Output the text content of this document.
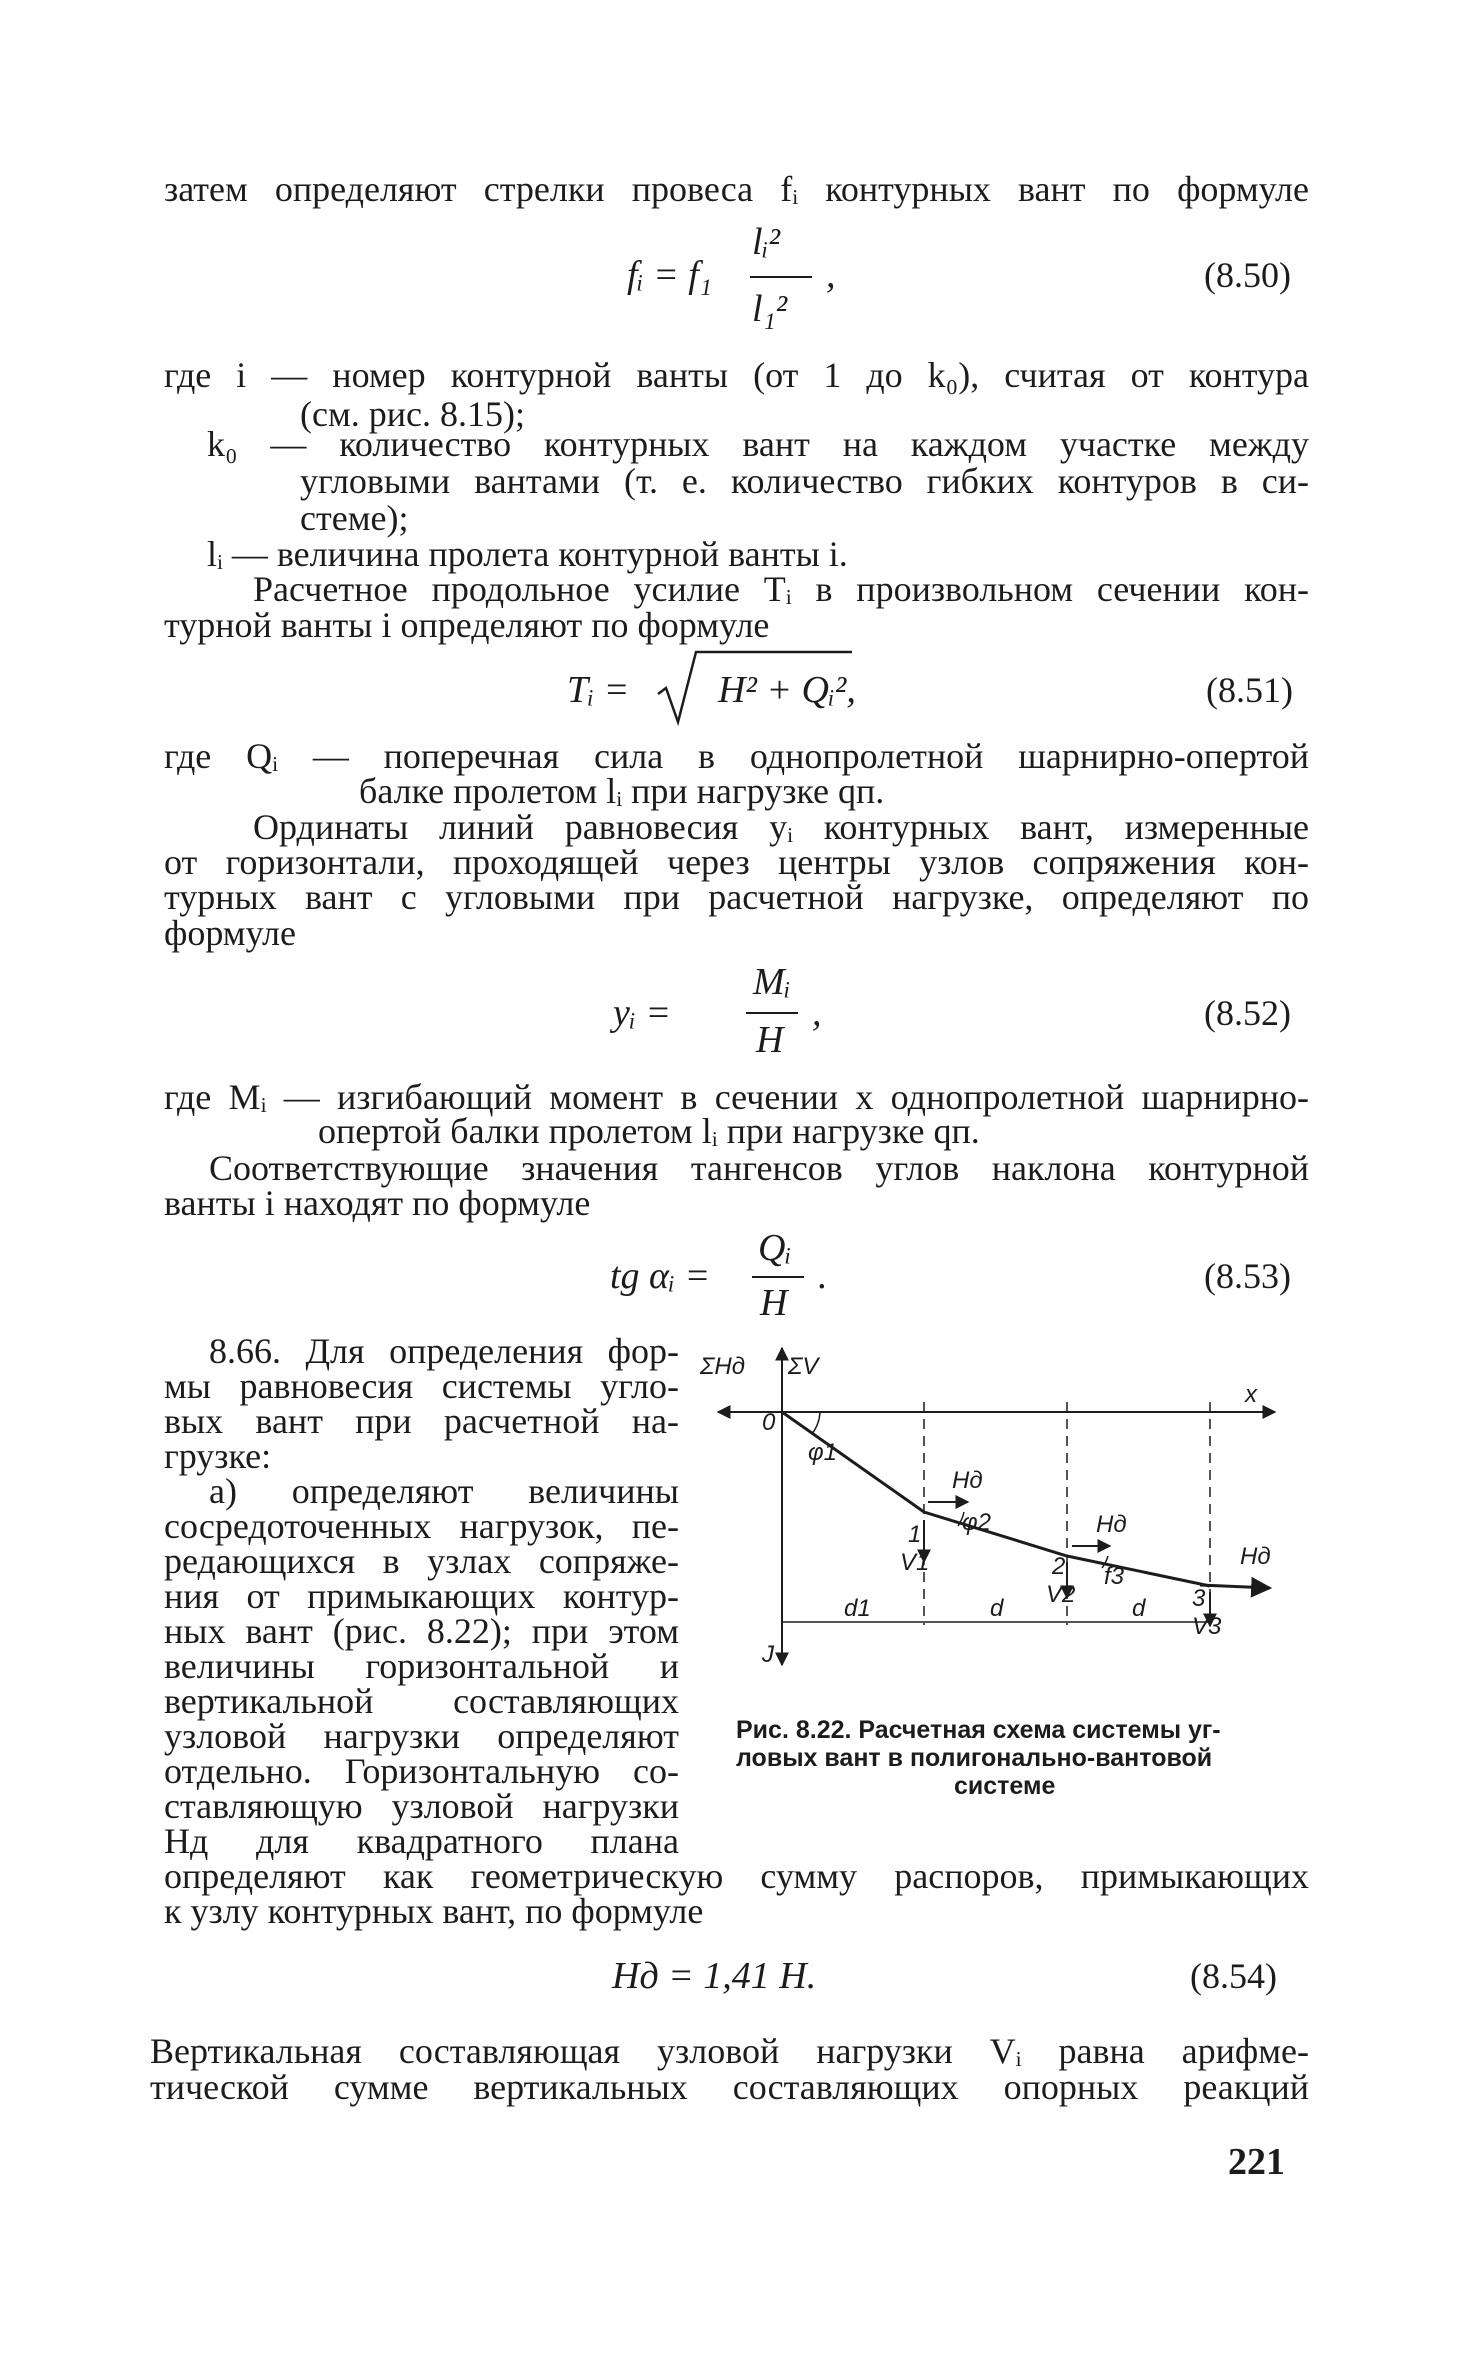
затем определяют стрелки провеса fᵢ контурных вант по формуле

fᵢ = f₁
lᵢ²
l₁²
,	(8.50)

где i — номер контурной ванты (от 1 до k₀), считая от контура

(см. рис. 8.15);

k₀ — количество контурных вант на каждом участке между

угловыми вантами (т. е. количество гибких контуров в си-

стеме);

lᵢ — величина пролета контурной ванты i.

Расчетное продольное усилие Tᵢ в произвольном сечении кон-

турной ванты i определяют по формуле

Tᵢ = H² + Qᵢ²,	(8.51)

где Qᵢ — поперечная сила в однопролетной шарнирно-опертой

балке пролетом lᵢ при нагрузке qп.

Ординаты линий равновесия yᵢ контурных вант, измеренные

от горизонтали, проходящей через центры узлов сопряжения кон-

турных вант с угловыми при расчетной нагрузке, определяют по

формуле

yᵢ =
Mᵢ
H
,	(8.52)

где Mᵢ — изгибающий момент в сечении x однопролетной шарнирно-

опертой балки пролетом lᵢ при нагрузке qп.

Соответствующие значения тангенсов углов наклона контурной

ванты i находят по формуле

tg αᵢ =
Qᵢ
H
.	(8.53)

8.66. Для определения фор-

мы равновесия системы угло-

вых вант при расчетной на-

грузке:

а) определяют величины

сосредоточенных нагрузок, пе-

редающихся в узлах сопряже-

ния от примыкающих контур-

ных вант (рис. 8.22); при этом

величины горизонтальной и

вертикальной составляющих

узловой нагрузки определяют

отдельно. Горизонтальную со-

ставляющую узловой нагрузки

Hд для квадратного плана

определяют как геометрическую сумму распоров, примыкающих

к узлу контурных вант, по формуле

ΣHд ΣV
0
φ1
Hд
φ2
1
V1
Hд
2
V2
f3
Hд
3
V3
x
d1	d	d
J

Рис. 8.22. Расчетная схема системы уг-

ловых вант в полигонально-вантовой

системе

Hд = 1,41 H.	(8.54)

Вертикальная составляющая узловой нагрузки Vᵢ равна арифме-

тической сумме вертикальных составляющих опорных реакций

221
